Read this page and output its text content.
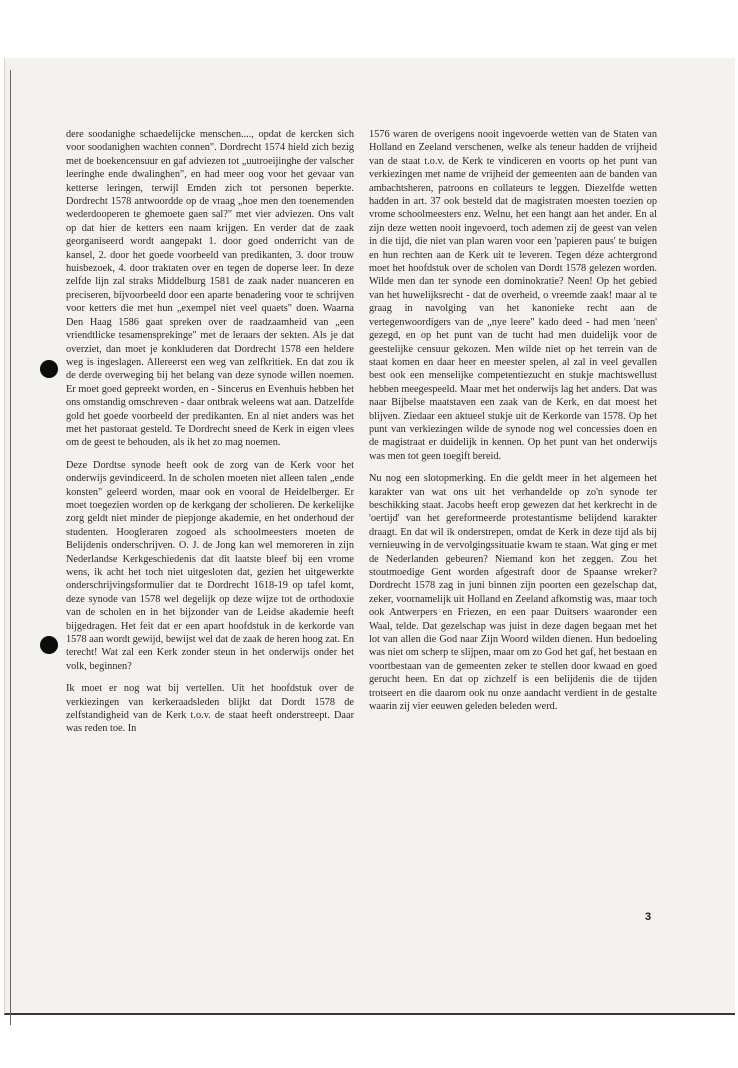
dere soodanighe schaedelijcke menschen...., opdat de kercken sich voor soodanighen wachten connen". Dordrecht 1574 hield zich bezig met de boekencensuur en gaf adviezen tot „uutroeijinghe der valscher leeringhe ende dwalinghen", en had meer oog voor het gevaar van ketterse leringen, terwijl Emden zich tot personen beperkte. Dordrecht 1578 antwoordde op de vraag „hoe men den toenemenden wederdooperen te ghemoete gaen sal?" met vier adviezen. Ons valt op dat hier de ketters een naam krijgen. En verder dat de zaak georganiseerd wordt aangepakt 1. door goed onderricht van de kansel, 2. door het goede voorbeeld van predikanten, 3. door trouw huisbezoek, 4. door traktaten over en tegen de doperse leer. In deze zelfde lijn zal straks Middelburg 1581 de zaak nader nuanceren en preciseren, bijvoorbeeld door een aparte benadering voor te schrijven voor ketters die met hun „exempel niet veel quaets" doen. Waarna Den Haag 1586 gaat spreken over de raadzaamheid van „een vriendtlicke tesamensprekinge" met de leraars der sekten. Als je dat overziet, dan moet je konkluderen dat Dordrecht 1578 een heldere weg is ingeslagen. Allereerst een weg van zelfkritiek. En dat zou ik de derde overweging bij het belang van deze synode willen noemen. Er moet goed gepreekt worden, en - Sincerus en Evenhuis hebben het ons omstandig omschreven - daar ontbrak weleens wat aan. Datzelfde gold het goede voorbeeld der predikanten. En al niet anders was het met het pastoraat gesteld. Te Dordrecht sneed de Kerk in eigen vlees om de geest te behouden, als ik het zo mag noemen.

Deze Dordtse synode heeft ook de zorg van de Kerk voor het onderwijs gevindiceerd. In de scholen moeten niet alleen talen „ende konsten" geleerd worden, maar ook en vooral de Heidelberger. Er moet toegezien worden op de kerkgang der scholieren. De kerkelijke zorg geldt niet minder de piepjonge akademie, en het onderhoud der studenten. Hoogleraren zogoed als schoolmeesters moeten de Belijdenis onderschrijven. O. J. de Jong kan wel memoreren in zijn Nederlandse Kerkgeschiedenis dat dit laatste bleef bij een vrome wens, ik acht het toch niet uitgesloten dat, gezien het uitgewerkte onderschrijvingsformulier dat te Dordrecht 1618-19 op tafel komt, deze synode van 1578 wel degelijk op deze wijze tot de orthodoxie van de scholen en in het bijzonder van de Leidse akademie heeft bijgedragen. Het feit dat er een apart hoofdstuk in de kerkorde van 1578 aan wordt gewijd, bewijst wel dat de zaak de heren hoog zat. En terecht! Wat zal een Kerk zonder steun in het onderwijs onder het volk, beginnen?

Ik moet er nog wat bij vertellen. Uit het hoofdstuk over de verkiezingen van kerkeraadsleden blijkt dat Dordt 1578 de zelfstandigheid van de Kerk t.o.v. de staat heeft onderstreept. Daar was reden toe. In

1576 waren de overigens nooit ingevoerde wetten van de Staten van Holland en Zeeland verschenen, welke als teneur hadden de vrijheid van de staat t.o.v. de Kerk te vindiceren en voorts op het punt van verkiezingen met name de vrijheid der gemeenten aan de banden van ambachtsheren, patroons en collateurs te leggen. Diezelfde wetten hadden in art. 37 ook besteld dat de magistraten moesten toezien op vrome schoolmeesters enz. Welnu, het een hangt aan het ander. En al zijn deze wetten nooit ingevoerd, toch ademen zij de geest van velen in die tijd, die niet van plan waren voor een 'papieren paus' te buigen en hun rechten aan de Kerk uit te leveren. Tegen déze achtergrond moet het hoofdstuk over de scholen van Dordt 1578 gelezen worden. Wilde men dan ter synode een dominokratie? Neen! Op het gebied van het huwelijksrecht - dat de overheid, o vreemde zaak! maar al te graag in navolging van het kanonieke recht aan de vertegenwoordigers van de „nye leere" kado deed - had men 'neen' gezegd, en op het punt van de tucht had men duidelijk voor de geestelijke censuur gekozen. Men wilde niet op het terrein van de staat komen en daar heer en meester spelen, al zal in veel gevallen best ook een menselijke competentiezucht en stukje machtswellust hebben meegespeeld. Maar met het onderwijs lag het anders. Dat was naar Bijbelse maatstaven een zaak van de Kerk, en dat moest het blijven. Ziedaar een aktueel stukje uit de Kerkorde van 1578. Op het punt van verkiezingen wilde de synode nog wel concessies doen en de magistraat er duidelijk in kennen. Op het punt van het onderwijs was men tot geen toegift bereid.

Nu nog een slotopmerking. En die geldt meer in het algemeen het karakter van wat ons uit het verhandelde op zo'n synode ter beschikking staat. Jacobs heeft erop gewezen dat het kerkrecht in de 'oertijd' van het gereformeerde protestantisme belijdend karakter draagt. En dat wil ik onderstrepen, omdat de Kerk in deze tijd als bij vernieuwing in de vervolgingssituatie kwam te staan. Wat ging er met de Nederlanden gebeuren? Niemand kon het zeggen. Zou het stoutmoedige Gent worden afgestraft door de Spaanse wreker? Dordrecht 1578 zag in juni binnen zijn poorten een gezelschap dat, zeker, voornamelijk uit Holland en Zeeland afkomstig was, maar toch ook Antwerpers en Friezen, en een paar Duitsers waaronder een Waal, telde. Dat gezelschap was juist in deze dagen begaan met het lot van allen die God naar Zijn Woord wilden dienen. Hun bedoeling was niet om scherp te slijpen, maar om zo God het gaf, het bestaan en voortbestaan van de gemeenten zeker te stellen door kwaad en goed gerucht heen. En dat op zichzelf is een belijdenis die de tijden trotseert en die daarom ook nu onze aandacht verdient in de gestalte waarin zij vier eeuwen geleden beleden werd.

3
